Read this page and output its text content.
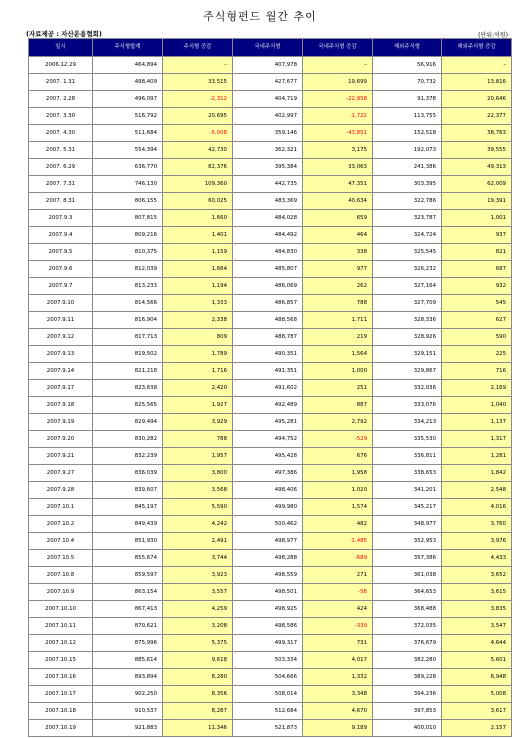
주식형펀드 월간 추이
(자료제공 : 자산운용협회)	(단위:억원)
일시	주식형합계	주식형 증감	국내주식형	국내주식형 증감	해외주식형	해외주식형 증감
2006.12.29	464,894	–	407,978	–	56,916	–
2007. 1.31	498,409	33,515	427,677	19,699	70,732	13,816
2007. 2.28	496,097	-2,312	404,719	-22,958	91,378	20,646
2007. 3.30	516,792	20,695	402,997	-1,722	113,755	22,377
2007. 4.30	511,684	-5,008	359,146	-43,851	152,518	38,763
2007. 5.31	554,394	42,730	362,321	3,175	192,073	39,555
2007. 6.29	636,770	82,376	395,384	33,063	241,386	49,313
2007. 7.31	746,130	109,360	442,735	47,351	303,395	62,009
2007. 8.31	806,155	60,025	483,369	40,634	322,786	19,391
2007.9.3	807,815	1,660	484,028	659	323,787	1,001
2007.9.4	809,216	1,401	484,492	464	324,724	937
2007.9.5	810,375	1,159	484,830	338	325,545	821
2007.9.6	812,039	1,664	485,807	977	326,232	687
2007.9.7	813,233	1,194	486,069	262	327,164	932
2007.9.10	814,566	1,333	486,857	788	327,709	545
2007.9.11	816,904	2,338	488,568	1,711	328,336	627
2007.9.12	817,713	809	488,787	219	328,926	590
2007.9.13	819,502	1,789	490,351	1,564	329,151	225
2007.9.14	821,218	1,716	491,351	1,000	329,867	716
2007.9.17	823,638	2,420	491,602	251	332,036	2,169
2007.9.18	825,565	1,927	492,489	887	333,076	1,040
2007.9.19	829,494	3,929	495,281	2,792	334,213	1,137
2007.9.20	830,282	788	494,752	-529	335,530	1,317
2007.9.21	832,239	1,957	495,428	676	336,811	1,281
2007.9.27	836,039	3,800	497,386	1,958	338,653	1,842
2007.9.28	839,607	3,568	498,406	1,020	341,201	2,548
2007.10.1	845,197	5,590	499,980	1,574	345,217	4,016
2007.10.2	849,439	4,242	500,462	482	348,977	3,760
2007.10.4	851,930	2,491	498,977	-1,485	352,953	3,976
2007.10.5	855,674	3,744	498,288	-689	357,386	4,433
2007.10.8	859,597	3,923	498,559	271	361,038	3,652
2007.10.9	863,154	3,557	498,501	-58	364,653	3,615
2007.10.10	867,413	4,259	498,925	424	368,488	3,835
2007.10.11	870,621	3,208	498,586	-339	372,035	3,547
2007.10.12	875,996	5,375	499,317	731	376,679	4,644
2007.10.15	885,614	9,618	503,334	4,017	382,280	5,601
2007.10.16	893,894	8,280	504,666	1,332	389,228	6,948
2007.10.17	902,250	8,356	508,014	3,348	394,236	5,008
2007.10.18	910,537	8,287	512,684	4,670	397,853	3,617
2007.10.19	921,883	11,346	521,873	9,189	400,010	2,157
